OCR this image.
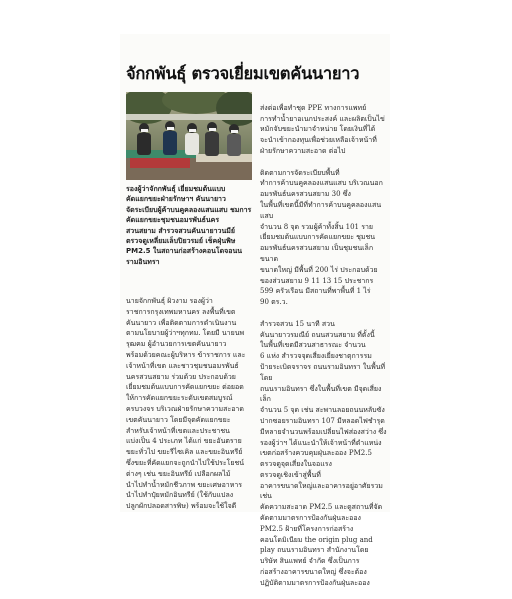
จักกพันธุ์ ตรวจเยี่ยมเขตคันนายาว
รองผู้ว่าจักกพันธุ์ เยี่ยมชมต้นแบบ
คัดแยกขยะฝ่ายรักษาฯ คันนายาว
จัดระเบียบผู้ค้าบนคูคลองแสนแสบ ชมการ
คัดแยกขยะชุมชนอมรพันธ์นคร
สวนสยาม สำรวจสวนคันนายาวนมีย์
ตรวจดูเหลี่ยมเล็บปิยวรมย์ เช็คฝุ่นพิษ
PM2.5 ในสถานก่อสร้างคอนโดจอนน
รามอินทรา
นายจักกพันธุ์ ผิวงาม รองผู้ว่า
ราชการกรุงเทพมหานคร ลงพื้นที่เขต
คันนายาว เพื่อติดตามการดำเนินงาน
ตามนโยบายผู้ว่าฯทุกทม. โดยมี นายนพ
รุฒคม ผู้อำนวยการเขตคันนายาว
พร้อมด้วยคณะผู้บริหาร ข้าราชการ และ
เจ้าหน้าที่เขต และชาวชุมชนอมรพันธ์
นครสวนสยาม ร่วมด้วย ประกอบด้วย
เยี่ยมชมต้นแบบการคัดแยกขยะ ต่อยอด
ให้การคัดแยกขยะระดับเขตสมบูรณ์
ครบวงจร บริเวณฝ่ายรักษาความสะอาด
เขตคันนายาว โดยมีจุดคัดแยกขยะ
สำหรับเจ้าหน้าที่เขตและประชาชน
แบ่งเป็น 4 ประเภท ได้แก่ ขยะอันตราย
ขยะทั่วไป ขยะรีไซเคิล และขยะอินทรีย์
ซึ่งขยะที่คัดแยกจะถูกนำไปใช้ประโยชน์
ต่างๆ เช่น ขยะอินทรีย์ เปลือกผลไม้
นำไปทำน้ำหมักชีวภาพ ขยะเศษอาหาร
นำไปทำปุ๋ยหมักอินทรีย์ (ใช้กับแปลง
ปลูกผักปลอดสารพิษ) พร้อมจะใช้ใจดี

ส่งต่อเพื่อทำชุด PPE ทางการแพทย์
การทำน้ำยาอเนกประสงค์ และผลิตเป็นไข่
หมักจับขยะนำมาจำหน่าย โดยเงินที่ได้
จะนำเข้ากองทุนเพื่อช่วยเหลือเจ้าหน้าที่
ฝ่ายรักษาความสะอาด ต่อไป

ติดตามการจัดระเบียบพื้นที่
ทำการค้าบนคูคลองแสนแสบ บริเวณนอก
อมรพันธ์นครสวนสยาม 30 ซึ่ง
ในพื้นที่เขตนี้มีที่ทำการค้าบนคูคลองแสนแสบ
จำนวน 8 จุด รวมผู้ค้าทั้งสิ้น 101 ราย
เยี่ยมชมต้นแบบการคัดแยกขยะ ชุมชน
อมรพันธ์นครสวนสยาม เป็นชุมชนเล็กขนาด
ขนาดใหญ่ มีพื้นที่ 200 ไร่ ประกอบด้วย
ของส่วนสยาม 9 11 13 15 ประชากร
599 ครัวเรือน มีสถานที่พาพื้นที่ 1 ไร่
90 ตร.ว.

สำรวจสวน 15 นาที สวน
คันนายาวรมณีย์ ถนนสวนสยาม ที่ตั้งนี้
ในพื้นที่เขตมีสวนสาธารณะ จำนวน
6 แห่ง สำรวจจุดเสี่ยงเยี่ยงชาตุการรม
ป้ายระเบิดจราจร ถนนรามอินทรา ในพื้นที่โดย
ถนนรามอินทรา ซึ่งในพื้นที่เขต มีจุดเสี่ยงเล็ก
จำนวน 5 จุด เช่น สะพานลอยถนนหลับซัง
ปากซอยรามอินทรา 107 มีหลอดไฟชำรุด
มีหลายจำนวนพร้อมเปลี่ยนไฟส่องสว่าง ซึ่ง
รองผู้ว่าฯ ได้แนะนำให้เจ้าหน้าที่ตำแหน่ง
เขตก่อสร้างควบคุมฝุ่นละออง PM2.5 ตรวจดูจุดเสี่ยงในจอแรง
ตรวจดูเชิงเข้าสู่พื้นที่
อาคารขนาดใหญ่และอาคารอยู่อาศัยรวม เช่น
คัดความสะอาด PM2.5 และดูสถานที่จัด
คัดตามมาตรการป้องกันฝุ่นละออง
PM2.5 ฝ้ายที่โครงการก่อสร้าง
คอนโดมิเนียม the origin plug and
play ถนนรามอินทรา สำนักงานโดย
บริษัท สินแพทย์ จำกัด ซึ่งเป็นการ
ก่อสร้างอาคารขนาดใหญ่ ซึ่งจะต้อง
ปฏิบัติตามมาตรการป้องกันฝุ่นละออง
